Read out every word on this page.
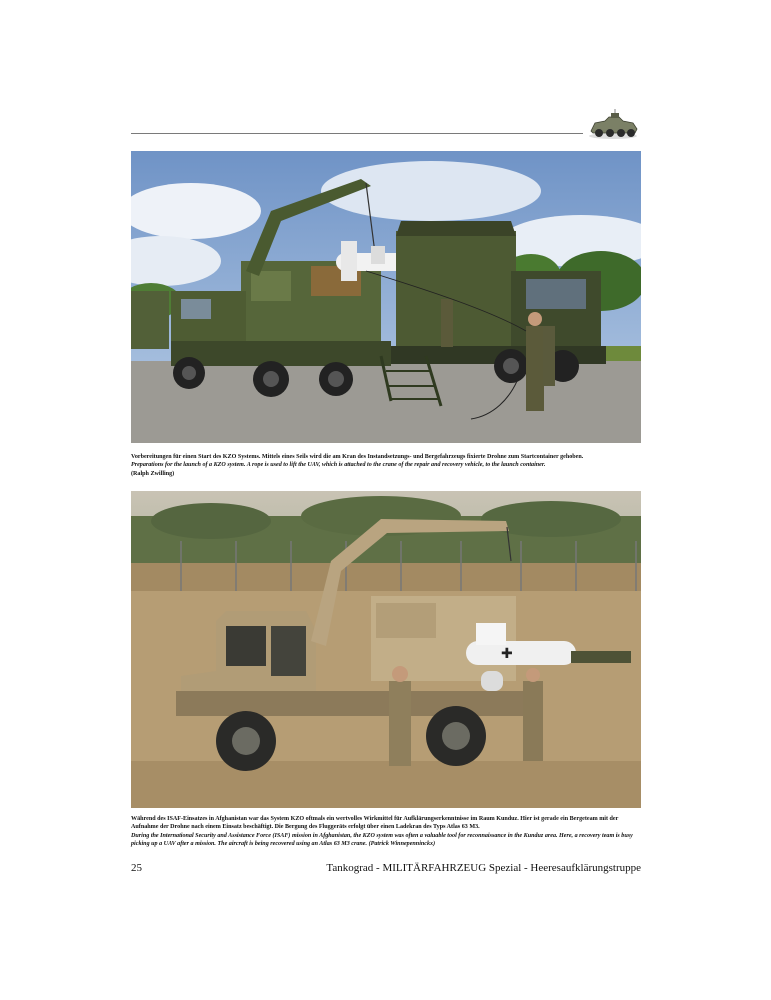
Vorbereitungen für einen Start des KZO Systems. Mittels eines Seils wird die am Kran des Instandsetzungs- und Bergefahrzeugs fixierte Drohne zum Startcontainer gehoben.

Preparations for the launch of a KZO system. A rope is used to lift the UAV, which is attached to the crane of the repair and recovery vehicle, to the launch container.

(Ralph Zwilling)

✚

Während des ISAF-Einsatzes in Afghanistan war das System KZO oftmals ein wertvolles Wirkmittel für Aufklärungserkenntnisse im Raum Kunduz. Hier ist gerade ein Bergeteam mit der Aufnahme der Drohne nach einem Einsatz beschäftigt. Die Bergung des Fluggeräts erfolgt über einen Ladekran des Typs Atlas 63 M3.

During the International Security and Assistance Force (ISAF) mission in Afghanistan, the KZO system was often a valuable tool for reconnaissance in the Kunduz area. Here, a recovery team is busy picking up a UAV after a mission. The aircraft is being recovered using an Atlas 63 M3 crane. (Patrick Winnepenninckx)

25	Tankograd - MILITÄRFAHRZEUG Spezial - Heeresaufklärungstruppe
